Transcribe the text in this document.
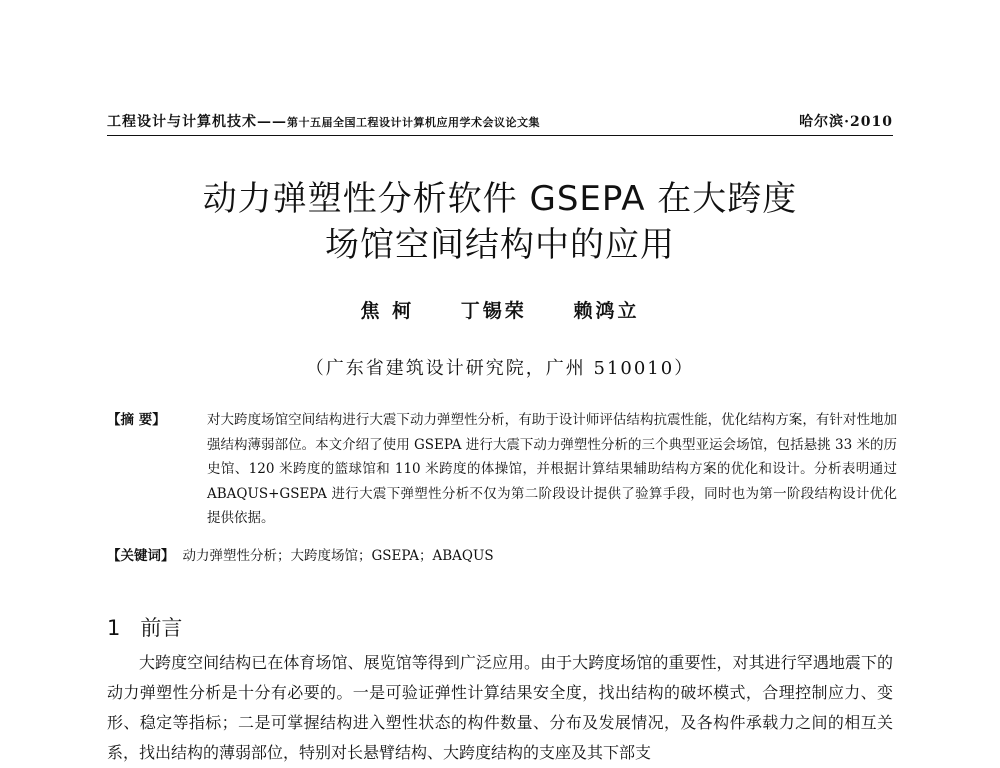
工程设计与计算机技术——第十五届全国工程设计计算机应用学术会议论文集	哈尔滨·2010
动力弹塑性分析软件 GSEPA 在大跨度
场馆空间结构中的应用
焦 柯 丁锡荣 赖鸿立
（广东省建筑设计研究院，广州 510010）
【摘 要】	对大跨度场馆空间结构进行大震下动力弹塑性分析，有助于设计师评估结构抗震性能，优化结构方案，有针对性地加强结构薄弱部位。本文介绍了使用 GSEPA 进行大震下动力弹塑性分析的三个典型亚运会场馆，包括悬挑 33 米的历史馆、120 米跨度的篮球馆和 110 米跨度的体操馆，并根据计算结果辅助结构方案的优化和设计。分析表明通过 ABAQUS+GSEPA 进行大震下弹塑性分析不仅为第二阶段设计提供了验算手段，同时也为第一阶段结构设计优化提供依据。
【关键词】 动力弹塑性分析；大跨度场馆；GSEPA；ABAQUS
1 前言
大跨度空间结构已在体育场馆、展览馆等得到广泛应用。由于大跨度场馆的重要性，对其进行罕遇地震下的动力弹塑性分析是十分有必要的。一是可验证弹性计算结果安全度，找出结构的破坏模式，合理控制应力、变形、稳定等指标；二是可掌握结构进入塑性状态的构件数量、分布及发展情况，及各构件承载力之间的相互关系，找出结构的薄弱部位，特别对长悬臂结构、大跨度结构的支座及其下部支
